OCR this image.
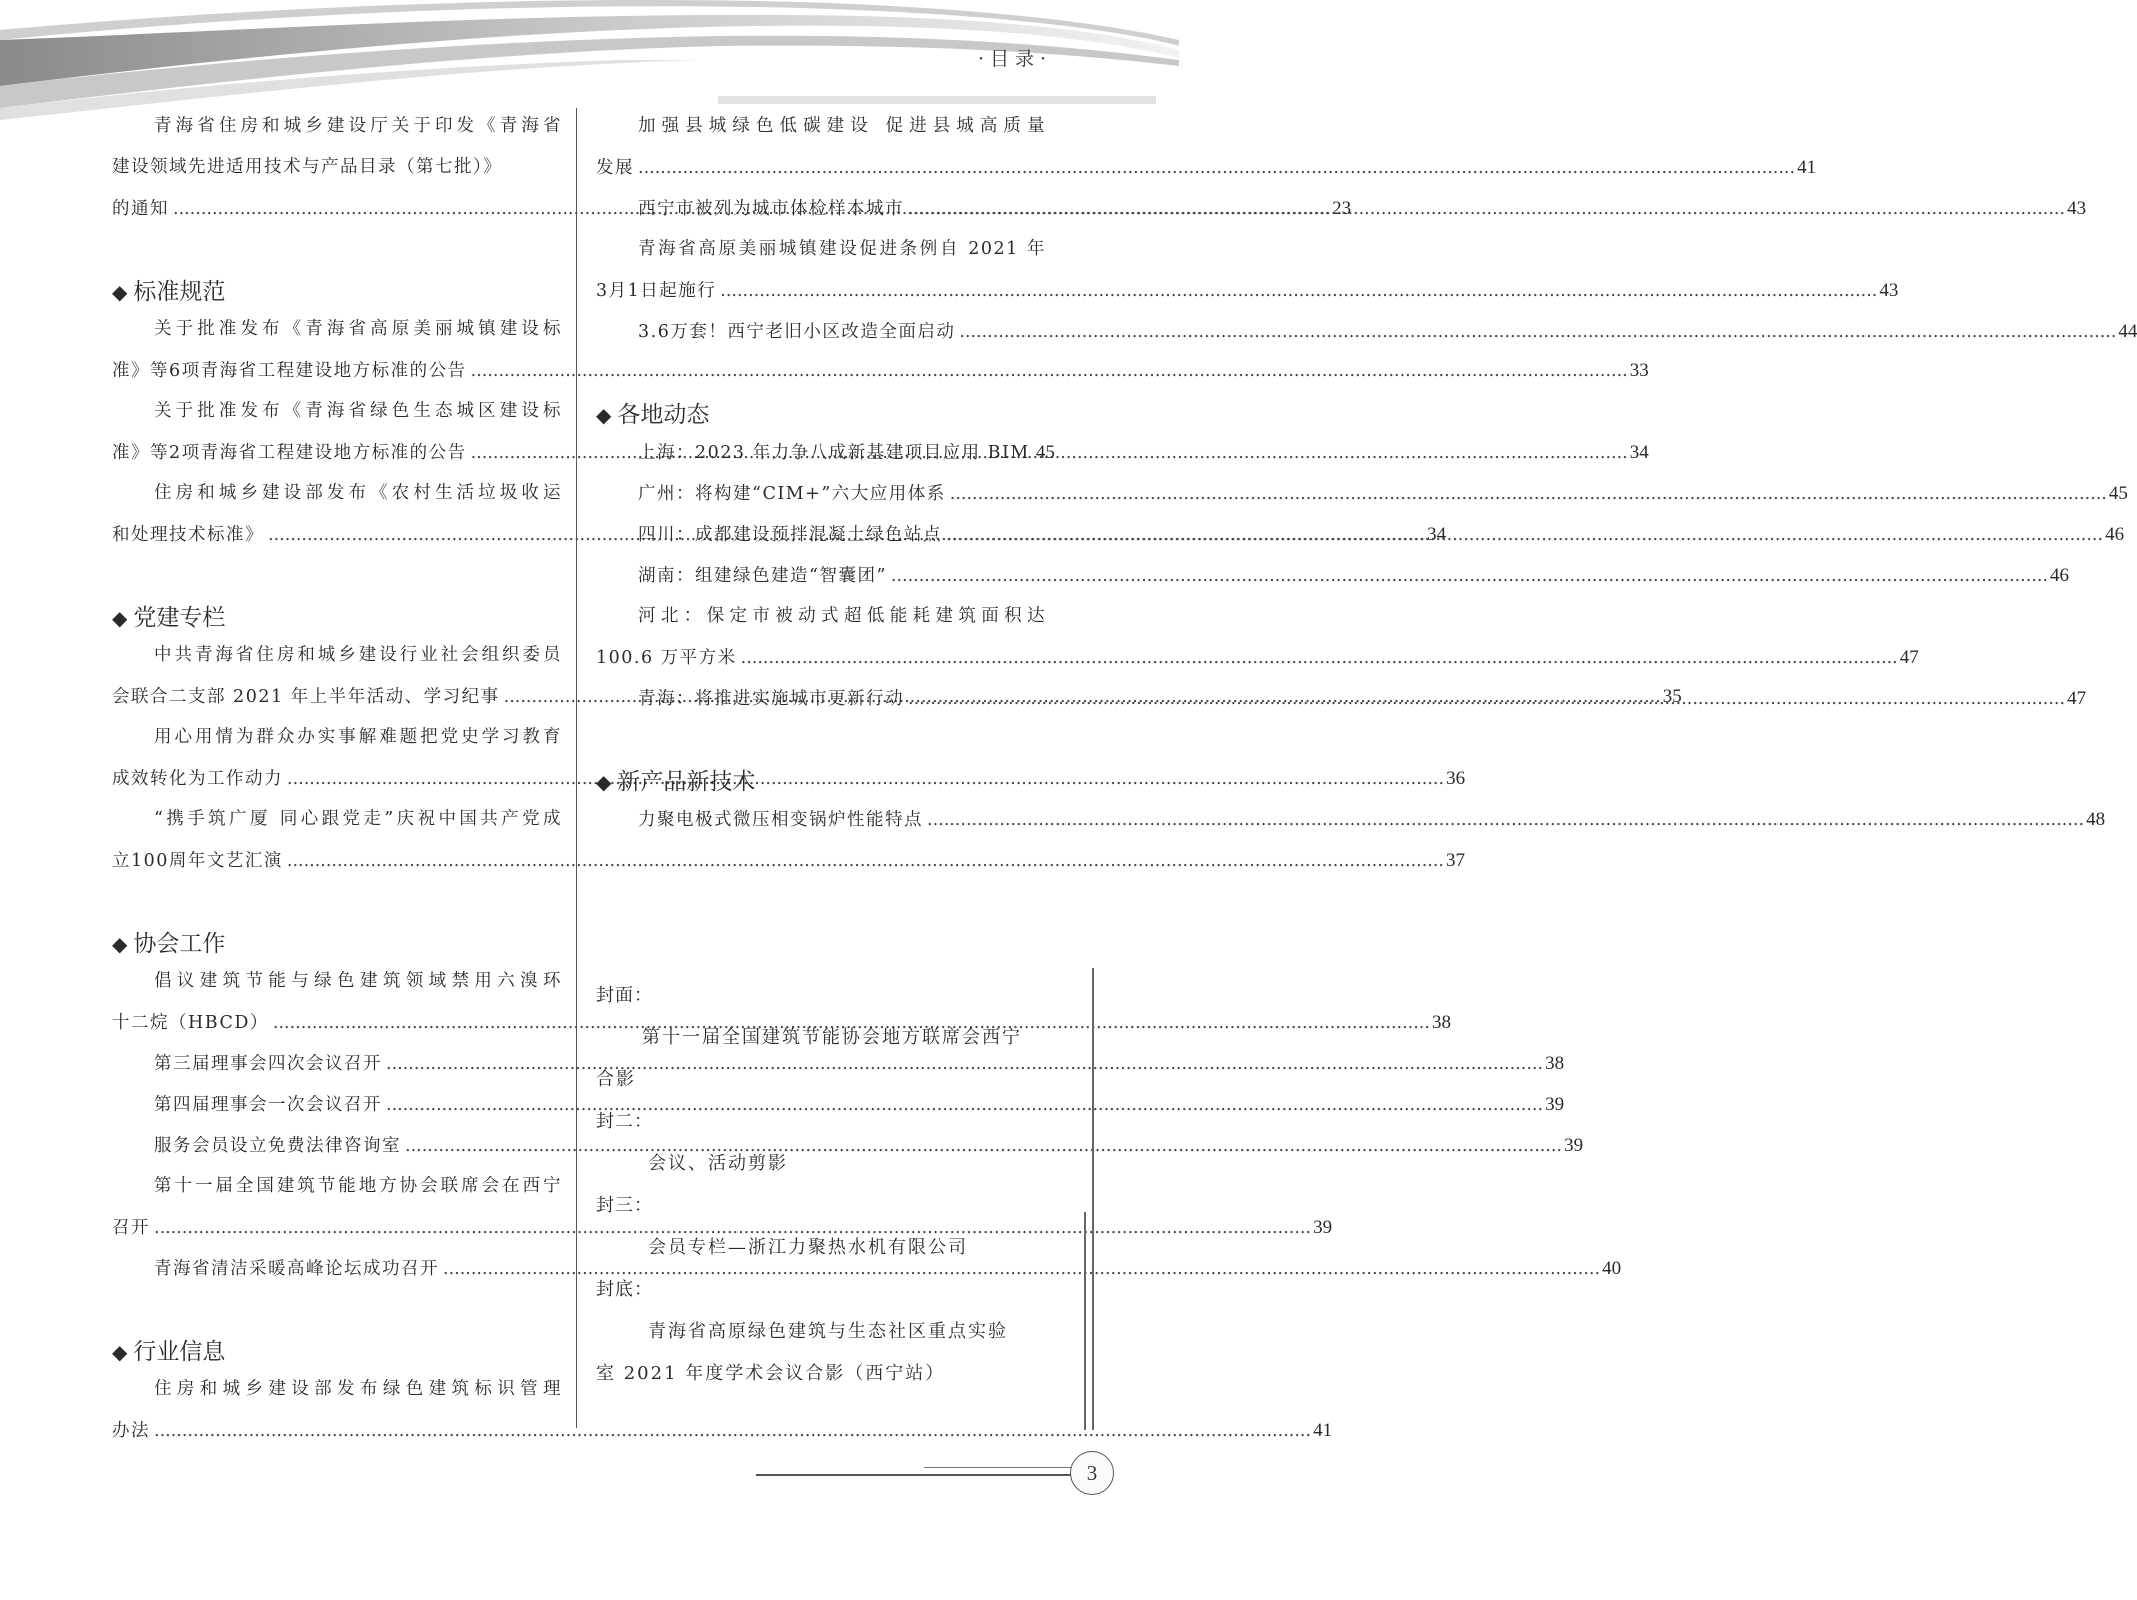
·目录·
青海省住房和城乡建设厅关于印发《青海省
建设领域先进适用技术与产品目录（第七批）》
的通知 .....	23
◆ 标准规范
关于批准发布《青海省高原美丽城镇建设标
准》等6项青海省工程建设地方标准的公告 .....	33
关于批准发布《青海省绿色生态城区建设标
准》等2项青海省工程建设地方标准的公告 .....	34
住房和城乡建设部发布《农村生活垃圾收运
和处理技术标准》 .....	34
◆ 党建专栏
中共青海省住房和城乡建设行业社会组织委员
会联合二支部 2021 年上半年活动、学习纪事 .....	35
用心用情为群众办实事解难题把党史学习教育
成效转化为工作动力 .....	36
“携手筑广厦 同心跟党走”庆祝中国共产党成
立100周年文艺汇演 .....	37
◆ 协会工作
倡议建筑节能与绿色建筑领域禁用六溴环
十二烷（HBCD） .....	38
第三届理事会四次会议召开 .....	38
第四届理事会一次会议召开 .....	39
服务会员设立免费法律咨询室 .....	39
第十一届全国建筑节能地方协会联席会在西宁
召开 .....	39
青海省清洁采暖高峰论坛成功召开 .....	40
◆ 行业信息
住房和城乡建设部发布绿色建筑标识管理
办法 .....	41
加强县城绿色低碳建设 促进县城高质量
发展 .....	41
西宁市被列为城市体检样本城市 .....	43
青海省高原美丽城镇建设促进条例自 2021 年
3月1日起施行 .....	43
3.6万套！西宁老旧小区改造全面启动 .....	44
◆ 各地动态
上海：2023 年力争八成新基建项目应用 BIM 45
广州：将构建“CIM+”六大应用体系 .....	45
四川：成都建设预拌混凝土绿色站点 .....	46
湖南：组建绿色建造“智囊团” .....	46
河北：保定市被动式超低能耗建筑面积达
100.6 万平方米 .....	47
青海：将推进实施城市更新行动 .....	47
◆ 新产品新技术
力聚电极式微压相变锅炉性能特点 .....	48
封面：
第十一届全国建筑节能协会地方联席会西宁
合影
封二：
会议、活动剪影
封三：
会员专栏—浙江力聚热水机有限公司
封底：
青海省高原绿色建筑与生态社区重点实验
室 2021 年度学术会议合影（西宁站）
3
